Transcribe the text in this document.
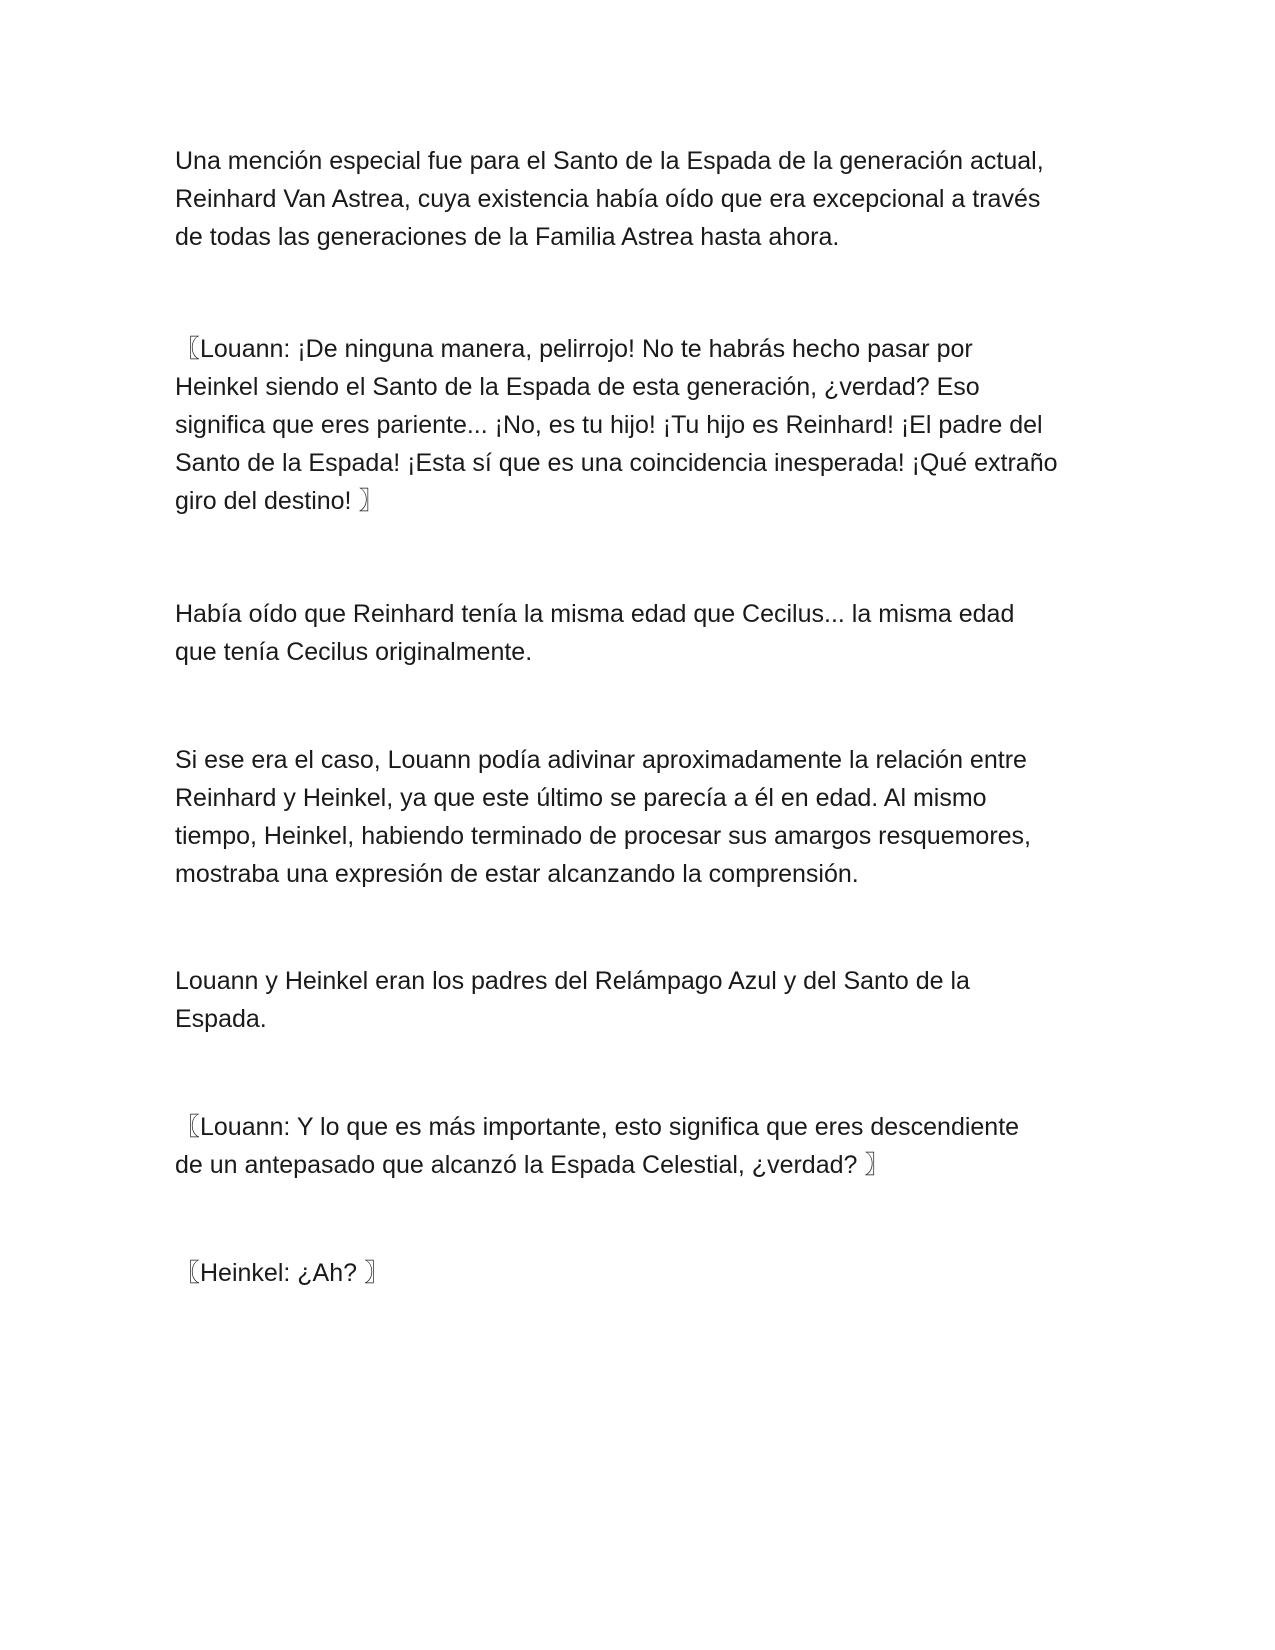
Una mención especial fue para el Santo de la Espada de la generación actual,
Reinhard Van Astrea, cuya existencia había oído que era excepcional a través
de todas las generaciones de la Familia Astrea hasta ahora.

〖Louann: ¡De ninguna manera, pelirrojo! No te habrás hecho pasar por
Heinkel siendo el Santo de la Espada de esta generación, ¿verdad? Eso
significa que eres pariente... ¡No, es tu hijo! ¡Tu hijo es Reinhard! ¡El padre del
Santo de la Espada! ¡Esta sí que es una coincidencia inesperada! ¡Qué extraño
giro del destino! 〗

Había oído que Reinhard tenía la misma edad que Cecilus... la misma edad
que tenía Cecilus originalmente.

Si ese era el caso, Louann podía adivinar aproximadamente la relación entre
Reinhard y Heinkel, ya que este último se parecía a él en edad. Al mismo
tiempo, Heinkel, habiendo terminado de procesar sus amargos resquemores,
mostraba una expresión de estar alcanzando la comprensión.

Louann y Heinkel eran los padres del Relámpago Azul y del Santo de la
Espada.

〖Louann: Y lo que es más importante, esto significa que eres descendiente
de un antepasado que alcanzó la Espada Celestial, ¿verdad? 〗

〖Heinkel: ¿Ah? 〗
